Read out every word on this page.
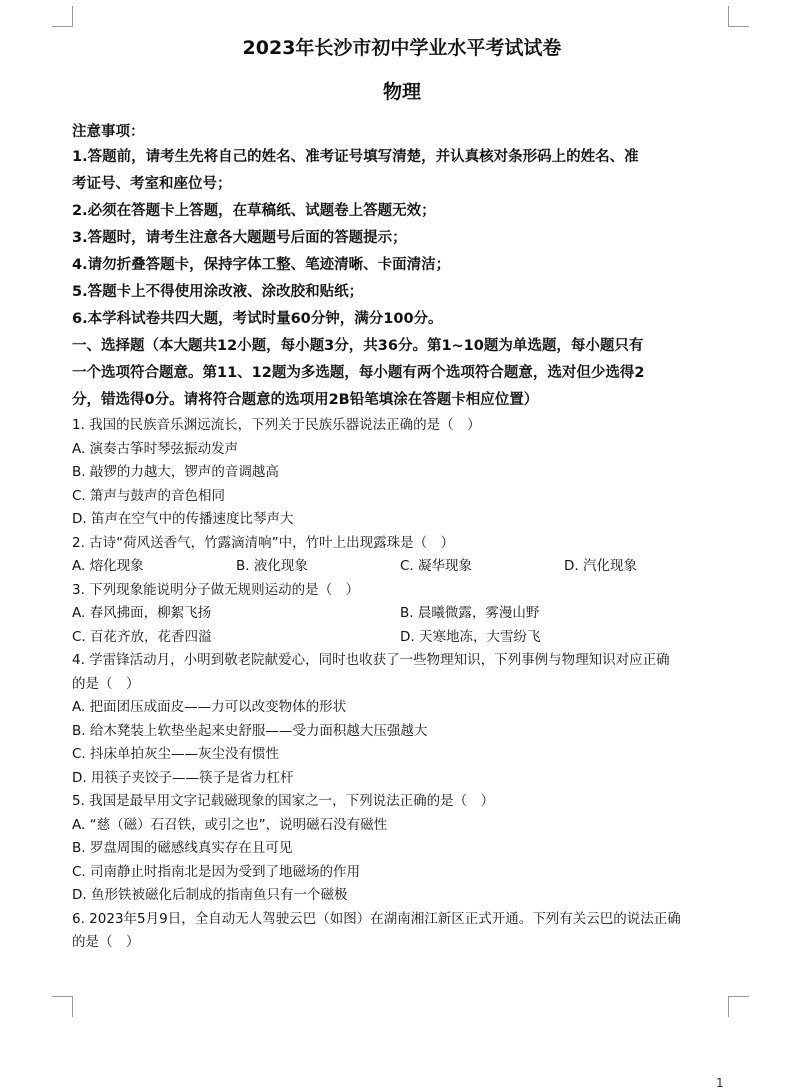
2023年长沙市初中学业水平考试试卷
物理
注意事项：
1.答题前，请考生先将自己的姓名、准考证号填写清楚，并认真核对条形码上的姓名、准
考证号、考室和座位号；
2.必须在答题卡上答题，在草稿纸、试题卷上答题无效；
3.答题时，请考生注意各大题题号后面的答题提示；
4.请勿折叠答题卡，保持字体工整、笔迹清晰、卡面清洁；
5.答题卡上不得使用涂改液、涂改胶和贴纸；
6.本学科试卷共四大题，考试时量60分钟，满分100分。
一、选择题（本大题共12小题，每小题3分，共36分。第1~10题为单选题，每小题只有
一个选项符合题意。第11、12题为多选题，每小题有两个选项符合题意，选对但少选得2
分，错选得0分。请将符合题意的选项用2B铅笔填涂在答题卡相应位置）
1. 我国的民族音乐渊远流长，下列关于民族乐器说法正确的是（　）
A. 演奏古筝时琴弦振动发声
B. 敲锣的力越大，锣声的音调越高
C. 箫声与鼓声的音色相同
D. 笛声在空气中的传播速度比琴声大
2. 古诗“荷风送香气，竹露滴清响”中，竹叶上出现露珠是（　）
A. 熔化现象	B. 液化现象	C. 凝华现象	D. 汽化现象
3. 下列现象能说明分子做无规则运动的是（　）
A. 春风拂面，柳絮飞扬	B. 晨曦微露，雾漫山野
C. 百花齐放，花香四溢	D. 天寒地冻，大雪纷飞
4. 学雷锋活动月，小明到敬老院献爱心，同时也收获了一些物理知识，下列事例与物理知识对应正确
的是（　）
A. 把面团压成面皮——力可以改变物体的形状
B. 给木凳装上软垫坐起来史舒服——受力面积越大压强越大
C. 抖床单拍灰尘——灰尘没有惯性
D. 用筷子夹饺子——筷子是省力杠杆
5. 我国是最早用文字记载磁现象的国家之一，下列说法正确的是（　）
A. “慈（磁）石召铁，或引之也”，说明磁石没有磁性
B. 罗盘周围的磁感线真实存在且可见
C. 司南静止时指南北是因为受到了地磁场的作用
D. 鱼形铁被磁化后制成的指南鱼只有一个磁极
6. 2023年5月9日，全自动无人驾驶云巴（如图）在湖南湘江新区正式开通。下列有关云巴的说法正确
的是（　）
1
